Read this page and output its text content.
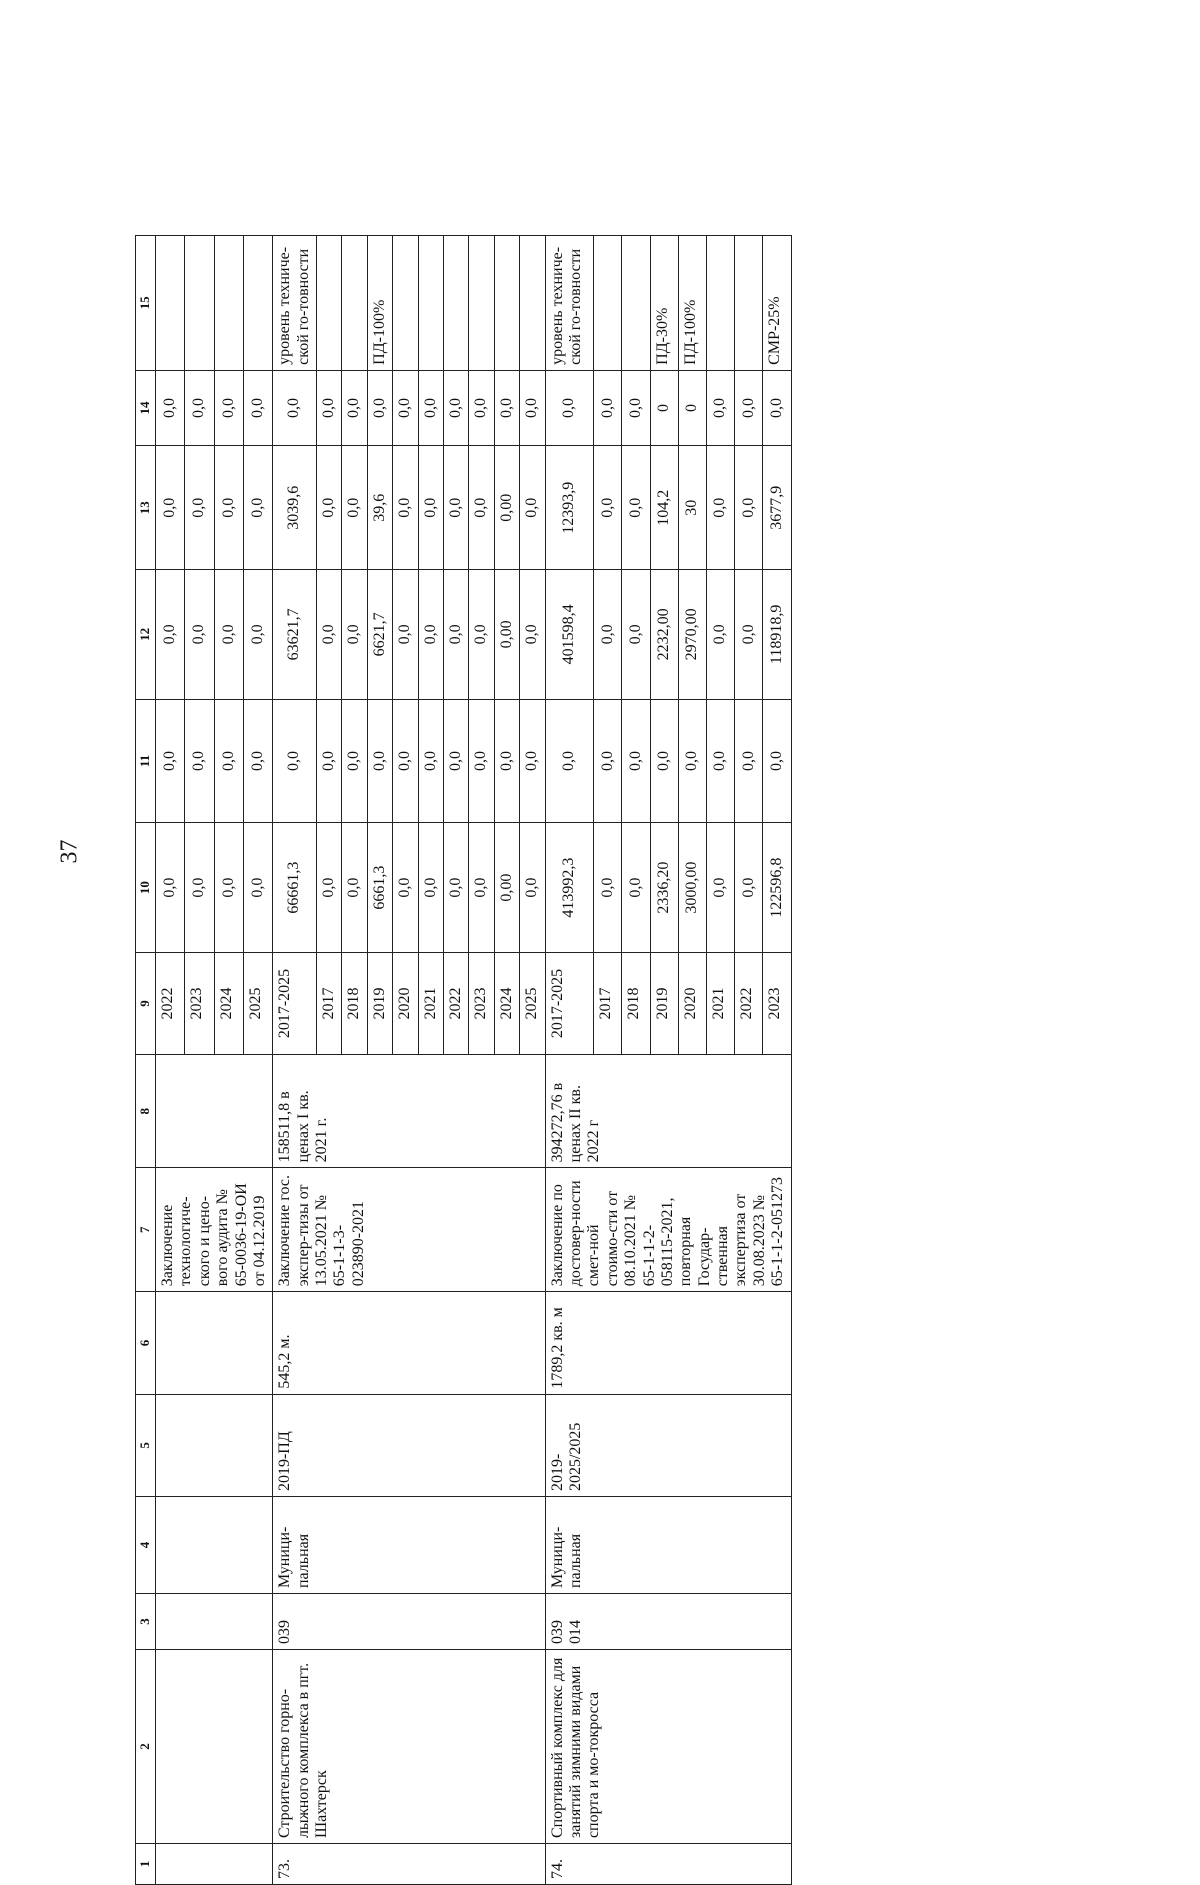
37
1	2	3	4	5	6	7	8	9	10	11	12	13	14	15
						Заключение технологиче-ского и цено-вого аудита № 65-0036-19-ОИ от 04.12.2019		2022	0,0	0,0	0,0	0,0	0,0	
								2023	0,0	0,0	0,0	0,0	0,0	
								2024	0,0	0,0	0,0	0,0	0,0	
								2025	0,0	0,0	0,0	0,0	0,0	
73.	Строительство горно-лыжного комплекса в пгт. Шахтерск	039	Муници-пальная	2019-ПД	545,2 м.	Заключение гос. экспер-тизы от 13.05.2021 № 65-1-1-3-023890-2021	158511,8 в ценах I кв. 2021 г.	2017-2025	66661,3	0,0	63621,7	3039,6	0,0	уровень техниче-ской го-товности
								2017	0,0	0,0	0,0	0,0	0,0	
								2018	0,0	0,0	0,0	0,0	0,0	
								2019	6661,3	0,0	6621,7	39,6	0,0	ПД-100%
								2020	0,0	0,0	0,0	0,0	0,0	
								2021	0,0	0,0	0,0	0,0	0,0	
								2022	0,0	0,0	0,0	0,0	0,0	
								2023	0,0	0,0	0,0	0,0	0,0	
								2024	0,00	0,0	0,00	0,00	0,0	
								2025	0,0	0,0	0,0	0,0	0,0	
74.	Спортивный комплекс для занятий зимними видами спорта и мо-токросса	039 014	Муници-пальная	2019-2025/2025	1789,2 кв. м	Заключение по достовер-ности смет-ной стоимо-сти от 08.10.2021 № 65-1-1-2-058115-2021, повторная Государ-ственная экспертиза от 30.08.2023 № 65-1-1-2-051273	394272,76 в ценах II кв. 2022 г	2017-2025	413992,3	0,0	401598,4	12393,9	0,0	уровень техниче-ской го-товности
								2017	0,0	0,0	0,0	0,0	0,0	
								2018	0,0	0,0	0,0	0,0	0,0	
								2019	2336,20	0,0	2232,00	104,2	0	ПД-30%
								2020	3000,00	0,0	2970,00	30	0	ПД-100%
								2021	0,0	0,0	0,0	0,0	0,0	
								2022	0,0	0,0	0,0	0,0	0,0	
								2023	122596,8	0,0	118918,9	3677,9	0,0	СМР-25%
